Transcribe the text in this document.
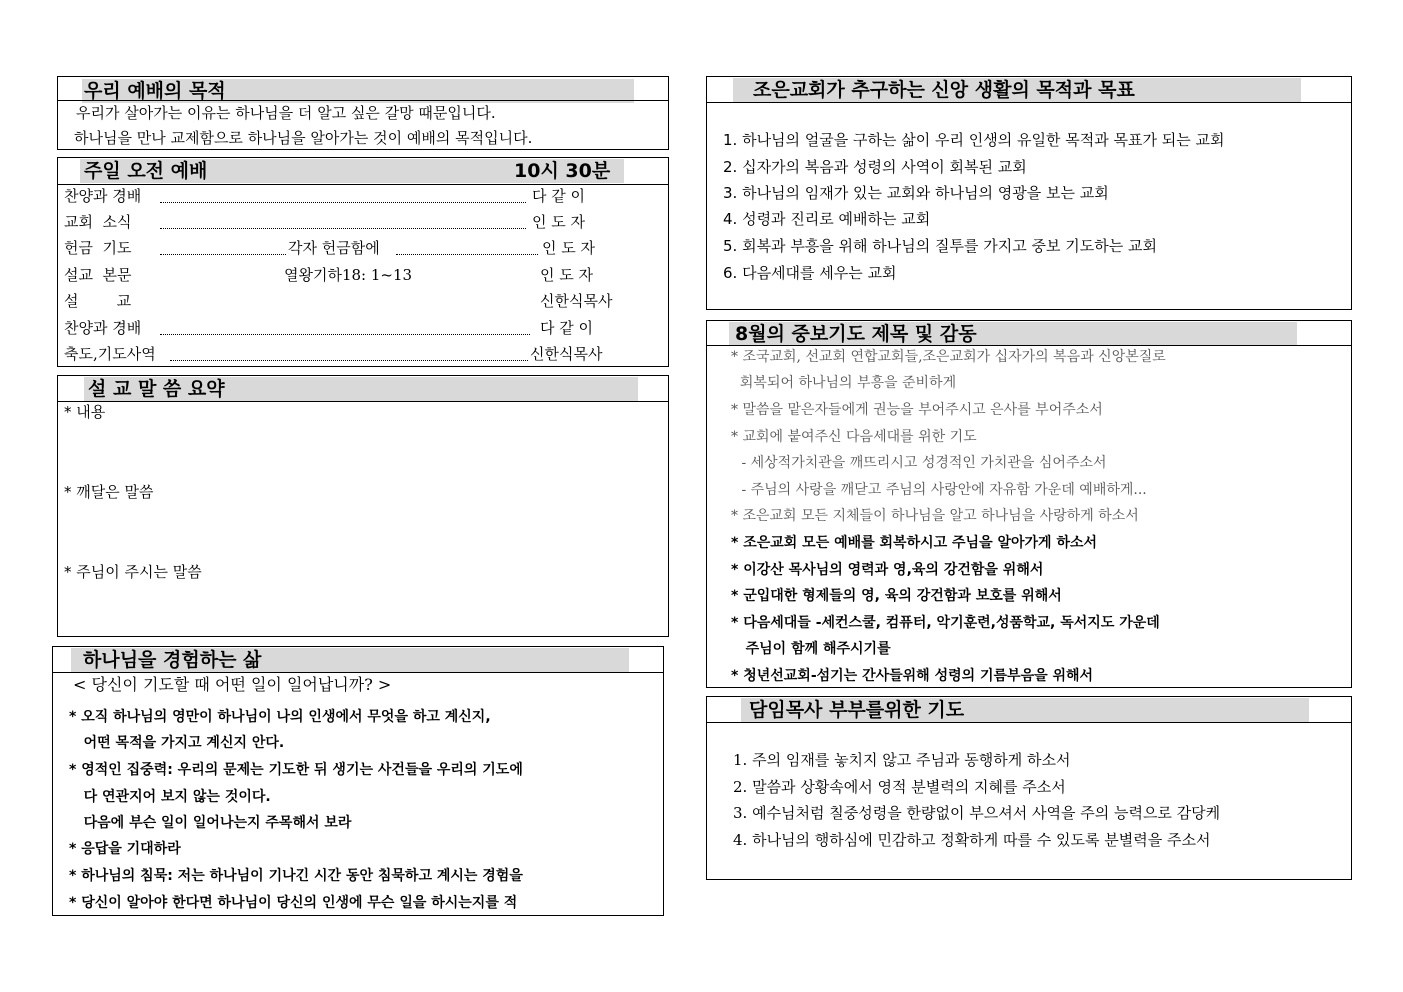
우리 예배의 목적
우리가 살아가는 이유는 하나님을 더 알고 싶은 갈망 때문입니다.
하나님을 만나 교제함으로 하나님을 알아가는 것이 예배의 목적입니다.
주일 오전 예배	10시 30분
찬양과 경배	다 같 이
교회  소식	인 도 자
헌금  기도	각자 헌금함에	인 도 자
설교  본문	열왕기하18: 1~13	인 도 자
설        교	신한식목사
찬양과 경배	다 같 이
축도,기도사역	신한식목사
설 교 말 씀 요약
* 내용
* 깨달은 말씀
* 주님이 주시는 말씀
하나님을 경험하는 삶
< 당신이 기도할 때 어떤 일이 일어납니까? >
* 오직 하나님의 영만이 하나님이 나의 인생에서 무엇을 하고 계신지,
어떤 목적을 가지고 계신지 안다.
* 영적인 집중력: 우리의 문제는 기도한 뒤 생기는 사건들을 우리의 기도에
다 연관지어 보지 않는 것이다.
다음에 부슨 일이 일어나는지 주목해서 보라
* 응답을 기대하라
* 하나님의 침묵: 저는 하나님이 기나긴 시간 동안 침묵하고 계시는 경험을
* 당신이 알아야 한다면 하나님이 당신의 인생에 무슨 일을 하시는지를 적
조은교회가 추구하는 신앙 생활의 목적과 목표
1. 하나님의 얼굴을 구하는 삶이 우리 인생의 유일한 목적과 목표가 되는 교회
2. 십자가의 복음과 성령의 사역이 회복된 교회
3. 하나님의 임재가 있는 교회와 하나님의 영광을 보는 교회
4. 성령과 진리로 예배하는 교회
5. 회복과 부흥을 위해 하나님의 질투를 가지고 중보 기도하는 교회
6. 다음세대를 세우는 교회
8월의 중보기도 제목 및 감동
* 조국교회, 선교회 연합교회들,조은교회가 십자가의 복음과 신앙본질로
회복되어 하나님의 부흥을 준비하게
* 말씀을 맡은자들에게 권능을 부어주시고 은사를 부어주소서
* 교회에 붙여주신 다음세대를 위한 기도
- 세상적가치관을 깨뜨리시고 성경적인 가치관을 심어주소서
- 주님의 사랑을 깨닫고 주님의 사랑안에 자유함 가운데 예배하게...
* 조은교회 모든 지체들이 하나님을 알고 하나님을 사랑하게 하소서
* 조은교회 모든 예배를 회복하시고 주님을 알아가게 하소서
* 이강산 목사님의 영력과 영,육의 강건함을 위해서
* 군입대한 형제들의 영, 육의 강건함과 보호를 위해서
* 다음세대들 -세컨스쿨, 컴퓨터, 악기훈련,성품학교, 독서지도 가운데
주님이 함께 해주시기를
* 청년선교회-섬기는 간사들위해 성령의 기름부음을 위해서
담임목사 부부를위한 기도
1. 주의 임재를 놓치지 않고 주님과 동행하게 하소서
2. 말씀과 상황속에서 영적 분별력의 지혜를 주소서
3. 예수님처럼 칠중성령을 한량없이 부으셔서 사역을 주의 능력으로 감당케
4. 하나님의 행하심에 민감하고 정확하게 따를 수 있도록 분별력을 주소서
